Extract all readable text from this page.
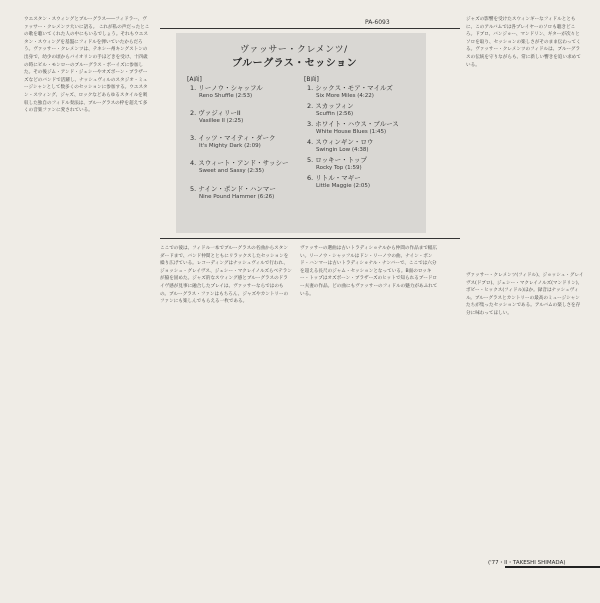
PA-6093
ヴァッサー・クレメンツ/
ブルーグラス・セッション
[A面]	[B面]
1. リーノウ・シャッフル
Reno Shuffle (2:53)
2. ヴァジィリーII
Vasillee II (2:25)
3. イッツ・マイティ・ダーク
It's Mighty Dark (2:09)
4. スウィート・アンド・サッシー
Sweet and Sassy (2:35)
5. ナイン・ポンド・ハンマー
Nine Pound Hammer (6:26)
1. シックス・モア・マイルズ
Six More Miles (4:22)
2. スカッフィン
Scuffin (2:56)
3. ホワイト・ハウス・ブルース
White House Blues (1:45)
4. スウィンギン・ロウ
Swingin Low (4:38)
5. ロッキー・トップ
Rocky Top (1:59)
6. リトル・マギー
Little Maggie (2:05)

ウエスタン・スウィングとブルーグラス――フィドラー、ヴァッサー・クレメンツ大いに語る。 これが私の声だったとこの歌を聴いてくれた人の中にもいるでしょう。それもウエスタン・スウィングを基盤にフィドルを弾いていたからだろう。ヴァッサー・クレメンツは、テネシー州キングストンの出身で、幼少の頃からバイオリンの手ほどきを受け、十四歳の時にビル・モンローのブルーグラス・ボーイズに参加した。その後ジム・アンド・ジェシーやオズボーン・ブラザーズなどのバンドで活躍し、ナッシュヴィルのスタジオ・ミュージシャンとして数多くのセッションに参加する。ウエスタン・スウィング、ジャズ、ロックなどあらゆるスタイルを吸収した独自のフィドル奏法は、ブルーグラスの枠を超えて多くの音楽ファンに愛されている。

ここでの彼は、フィドル一本でブルーグラスの名曲からスタンダードまで、バンド仲間とともにリラックスしたセッションを繰り広げている。レコーディングはナッシュヴィルで行われ、ジョッシュ・グレイヴス、ジェシー・マクレイノルズらベテランが脇を固めた。ジャズ的なスウィング感とブルーグラスのドライヴ感が見事に融合したプレイは、ヴァッサーならではのもの。ブルーグラス・ファンはもちろん、ジャズやカントリーのファンにも楽しんでもらえる一枚である。

ヴァッサーの選曲は古いトラディショナルから仲間の作品まで幅広い。リーノウ・シャッフルはドン・リーノウの曲、ナイン・ポンド・ハンマーは古いトラディショナル・ナンバーで、ここでは六分を超える長尺のジャム・セッションとなっている。B面のロッキー・トップはオズボーン・ブラザーズのヒットで知られるブードロー夫妻の作品。どの曲にもヴァッサーのフィドルの魅力があふれている。

ジャズの影響を受けたスウィンギーなフィドルとともに、このアルバムでは各プレイヤーのソロも聴きどころ。ドブロ、バンジョー、マンドリン、ギターが次々とソロを取り、セッションの楽しさがそのまま伝わってくる。ヴァッサー・クレメンツのフィドルは、ブルーグラスの伝統を守りながらも、常に新しい響きを追い求めている。

ヴァッサー・クレメンツ(フィドル)、ジョッシュ・グレイヴス(ドブロ)、ジェシー・マクレイノルズ(マンドリン)、ボビー・ヒックス(フィドル)ほか。録音はナッシュヴィル。ブルーグラスとカントリーの最高のミュージシャンたちが集ったセッションである。アルバムの楽しさを存分に味わってほしい。

('77・II・TAKESHI SHIMADA)
